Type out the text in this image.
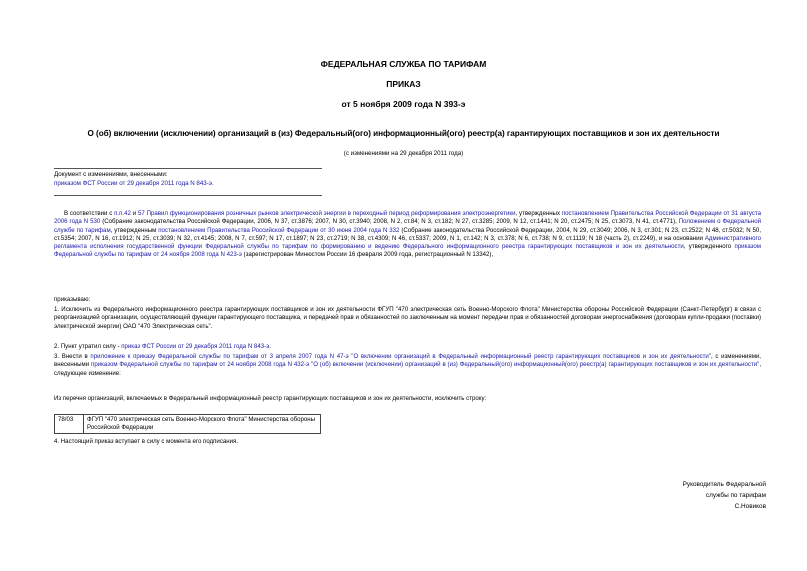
ФЕДЕРАЛЬНАЯ СЛУЖБА ПО ТАРИФАМ
ПРИКАЗ
от 5 ноября 2009 года N 393-э
О (об) включении (исключении) организаций в (из) Федеральный(ого) информационный(ого) реестр(а) гарантирующих поставщиков и зон их деятельности
(с изменениями на 29 декабря 2011 года)
Документ с изменениями, внесенными:
приказом ФСТ России от 29 декабря 2011 года N 843-э.
В соответствии с п.п.42 и 57 Правил функционирования розничных рынков электрической энергии в переходный период реформирования электроэнергетики, утвержденных постановлением Правительства Российской Федерации от 31 августа 2006 года N 530 (Собрание законодательства Российской Федерации, 2006, N 37, ст.3876; 2007, N 30, ст.3940; 2008, N 2, ст.84; N 3, ст.182; N 27, ст.3285; 2009, N 12, ст.1441; N 20, ст.2475; N 25, ст.3073, N 41, ст.4771), Положением о Федеральной службе по тарифам, утвержденным постановлением Правительства Российской Федерации от 30 июня 2004 года N 332 (Собрание законодательства Российской Федерации, 2004, N 29, ст.3049; 2006, N 3, ст.301; N 23, ст.2522; N 48, ст.5032; N 50, ст.5354; 2007, N 16, ст.1912; N 25, ст.3039; N 32, ст.4145; 2008, N 7, ст.597; N 17, ст.1897; N 23, ст.2719; N 38, ст.4309; N 46, ст.5337; 2009, N 1, ст.142; N 3, ст.378; N 6, ст.738; N 9, ст.1119; N 18 (часть 2), ст.2249), и на основании Административного регламента исполнения государственной функции Федеральной службы по тарифам по формированию и ведению Федерального информационного реестра гарантирующих поставщиков и зон их деятельности, утвержденного приказом Федеральной службы по тарифам от 24 ноября 2008 года N 423-э (зарегистрирован Минюстом России 16 февраля 2009 года, регистрационный N 13342),
приказываю:
1. Исключить из Федерального информационного реестра гарантирующих поставщиков и зон их деятельности ФГУП "470 электрическая сеть Военно-Морского Флота" Министерства обороны Российской Федерации (Санкт-Петербург) в связи с реорганизацией организации, осуществляющей функции гарантирующего поставщика, и передачей прав и обязанностей по заключенным на момент передачи прав и обязанностей договорам энергоснабжения (договорам купли-продажи (поставки) электрической энергии) ОАО "470 Электрическая сеть".
2. Пункт утратил силу - приказ ФСТ России от 29 декабря 2011 года N 843-э.
3. Внести в приложение к приказу Федеральной службы по тарифам от 3 апреля 2007 года N 47-э "О включении организаций в Федеральный информационный реестр гарантирующих поставщиков и зон их деятельности", с изменениями, внесенными приказом Федеральной службы по тарифам от 24 ноября 2008 года N 432-э "О (об) включении (исключении) организаций в (из) Федеральный(ого) информационный(ого) реестр(а) гарантирующих поставщиков и зон их деятельности", следующее изменение:
Из перечня организаций, включаемых в Федеральный информационный реестр гарантирующих поставщиков и зон их деятельности, исключить строку:
78/03	ФГУП "470 электрическая сеть Военно-Морского Флота" Министерства обороны Российской Федерации
4. Настоящий приказ вступает в силу с момента его подписания.
Руководитель Федеральной
службы по тарифам
С.Новиков
